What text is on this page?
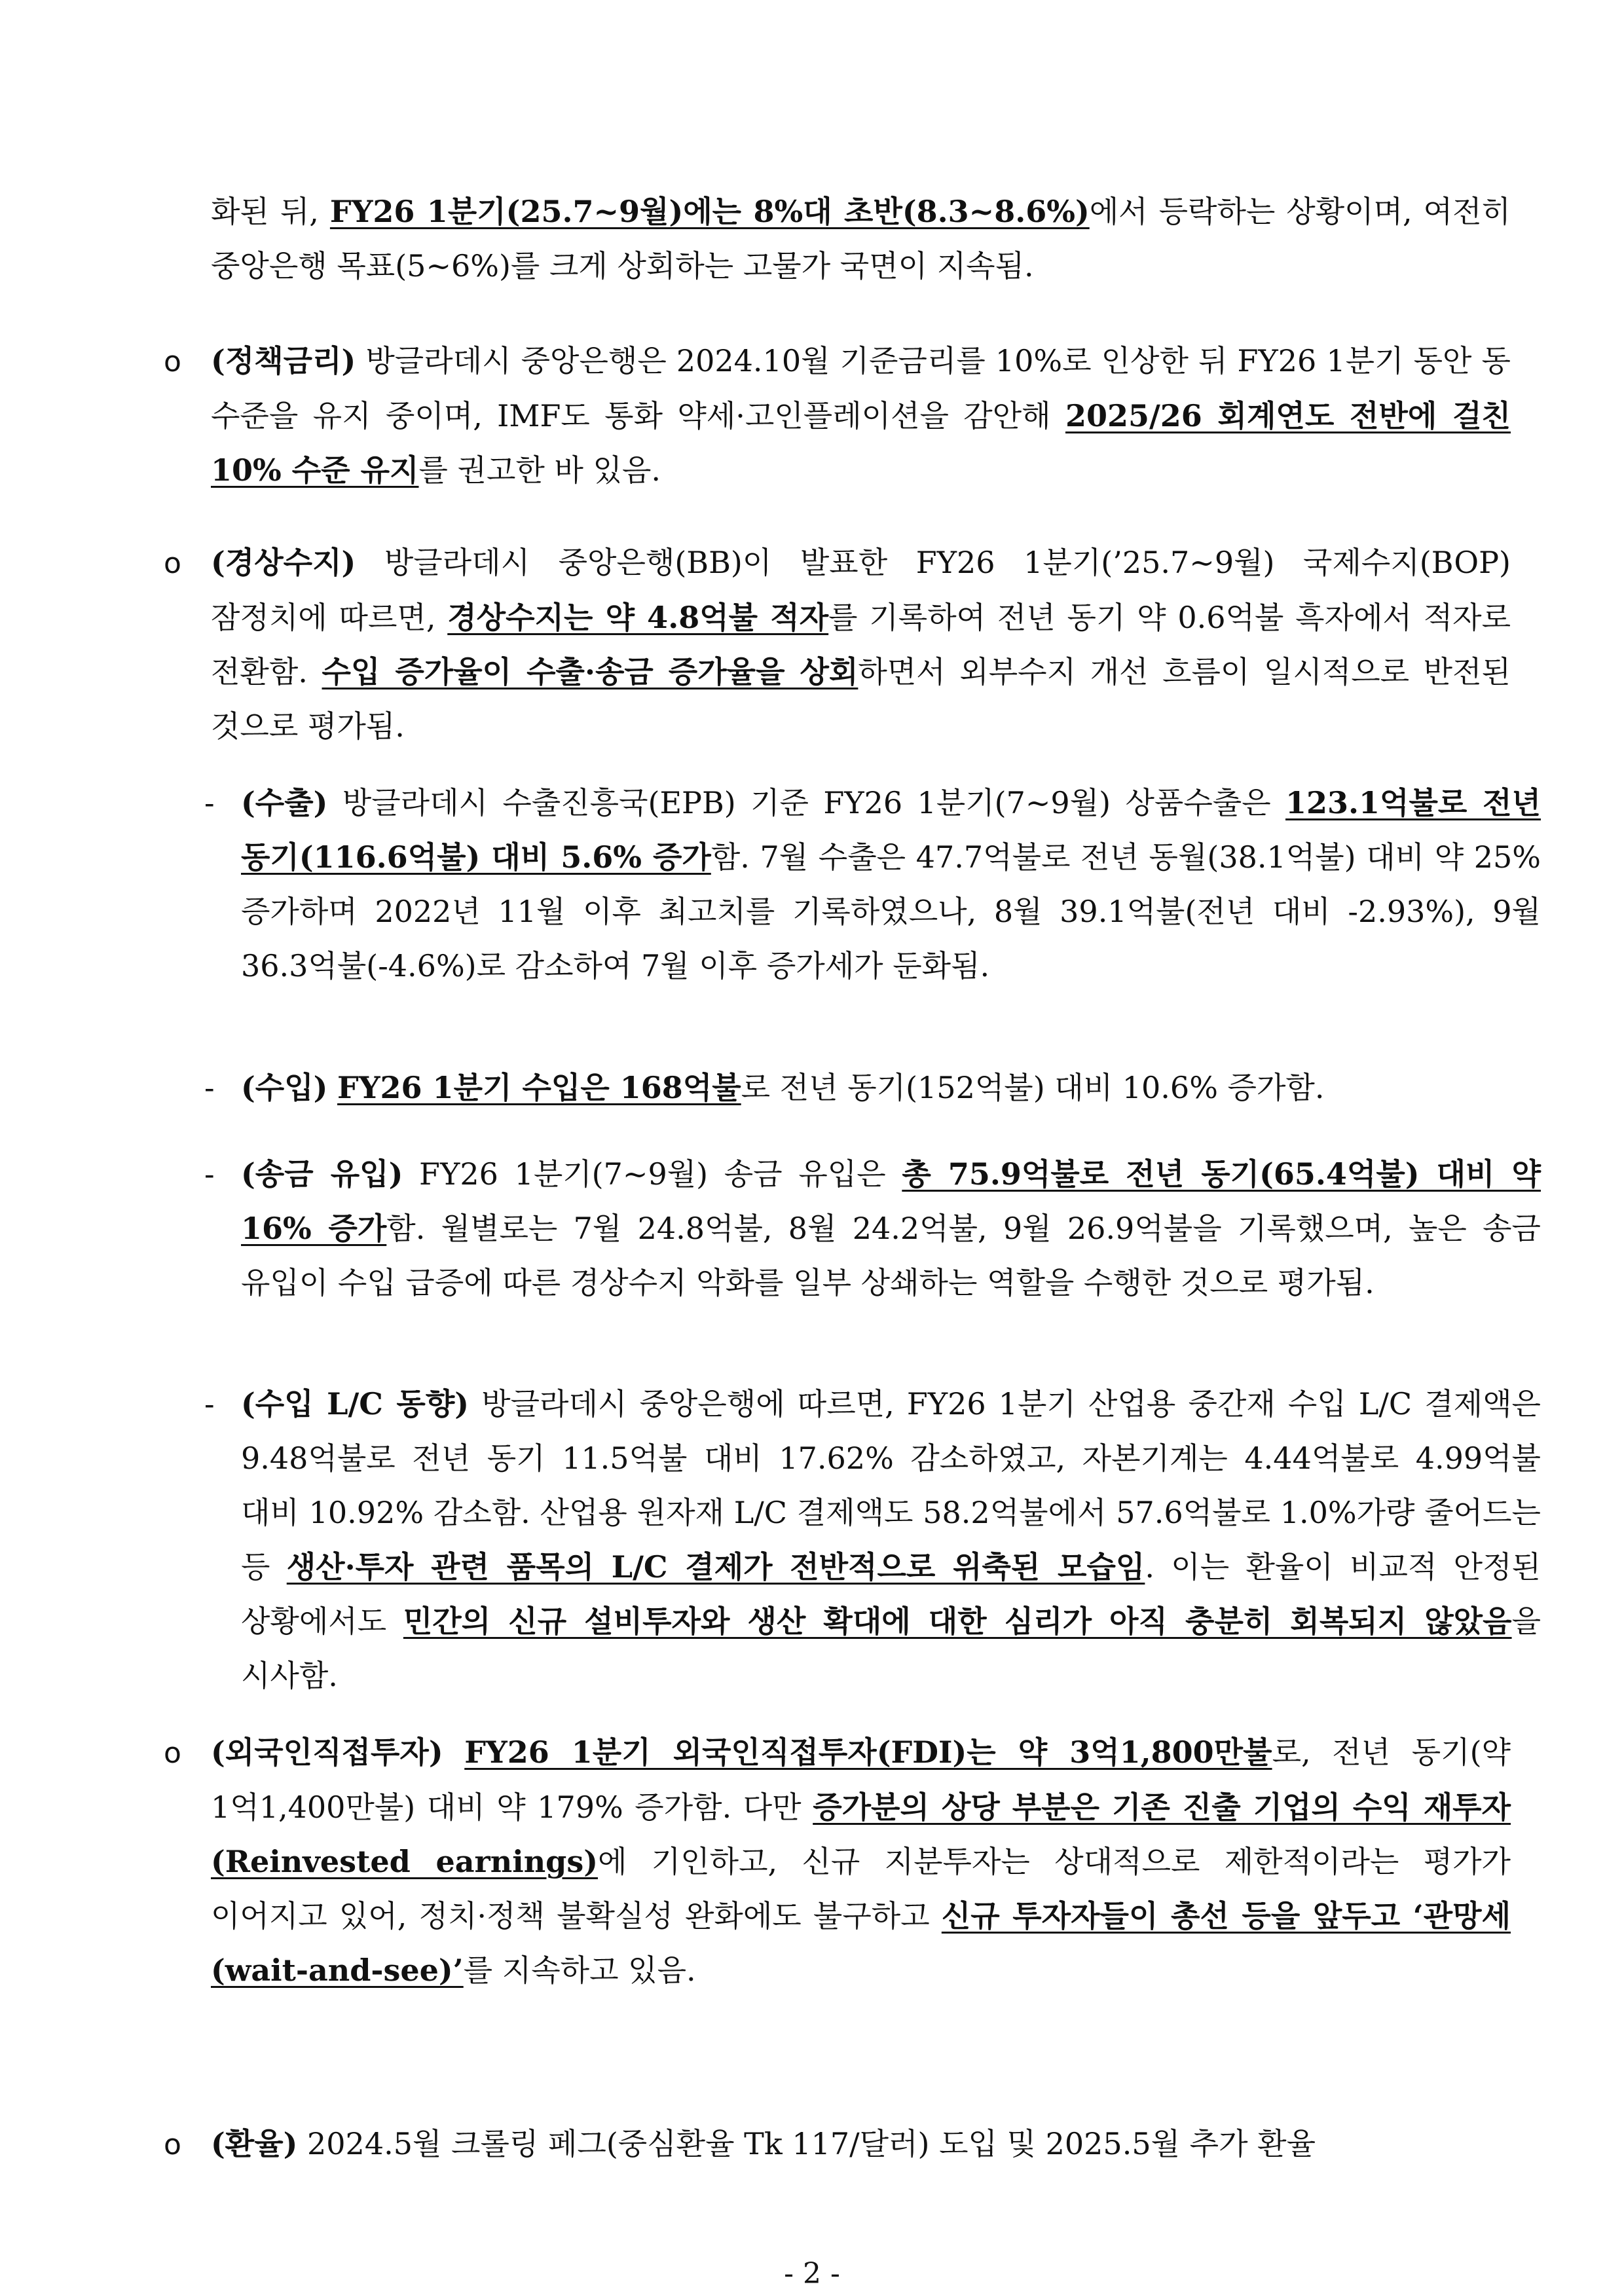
화된 뒤, FY26 1분기(25.7~9월)에는 8%대 초반(8.3~8.6%)에서 등락하는 상황이며, 여전히 중앙은행 목표(5~6%)를 크게 상회하는 고물가 국면이 지속됨.
o (정책금리) 방글라데시 중앙은행은 2024.10월 기준금리를 10%로 인상한 뒤 FY26 1분기 동안 동 수준을 유지 중이며, IMF도 통화 약세·고인플레이션을 감안해 2025/26 회계연도 전반에 걸친 10% 수준 유지를 권고한 바 있음.
o (경상수지) 방글라데시 중앙은행(BB)이 발표한 FY26 1분기(’25.7~9월) 국제수지(BOP) 잠정치에 따르면, 경상수지는 약 4.8억불 적자를 기록하여 전년 동기 약 0.6억불 흑자에서 적자로 전환함. 수입 증가율이 수출·송금 증가율을 상회하면서 외부수지 개선 흐름이 일시적으로 반전된 것으로 평가됨.
- (수출) 방글라데시 수출진흥국(EPB) 기준 FY26 1분기(7~9월) 상품수출은 123.1억불로 전년 동기(116.6억불) 대비 5.6% 증가함. 7월 수출은 47.7억불로 전년 동월(38.1억불) 대비 약 25% 증가하며 2022년 11월 이후 최고치를 기록하였으나, 8월 39.1억불(전년 대비 -2.93%), 9월 36.3억불(-4.6%)로 감소하여 7월 이후 증가세가 둔화됨.
- (수입) FY26 1분기 수입은 168억불로 전년 동기(152억불) 대비 10.6% 증가함.
- (송금 유입) FY26 1분기(7~9월) 송금 유입은 총 75.9억불로 전년 동기(65.4억불) 대비 약 16% 증가함. 월별로는 7월 24.8억불, 8월 24.2억불, 9월 26.9억불을 기록했으며, 높은 송금 유입이 수입 급증에 따른 경상수지 악화를 일부 상쇄하는 역할을 수행한 것으로 평가됨.
- (수입 L/C 동향) 방글라데시 중앙은행에 따르면, FY26 1분기 산업용 중간재 수입 L/C 결제액은 9.48억불로 전년 동기 11.5억불 대비 17.62% 감소하였고, 자본기계는 4.44억불로 4.99억불 대비 10.92% 감소함. 산업용 원자재 L/C 결제액도 58.2억불에서 57.6억불로 1.0%가량 줄어드는 등 생산·투자 관련 품목의 L/C 결제가 전반적으로 위축된 모습임. 이는 환율이 비교적 안정된 상황에서도 민간의 신규 설비투자와 생산 확대에 대한 심리가 아직 충분히 회복되지 않았음을 시사함.
o (외국인직접투자) FY26 1분기 외국인직접투자(FDI)는 약 3억1,800만불로, 전년 동기(약 1억1,400만불) 대비 약 179% 증가함. 다만 증가분의 상당 부분은 기존 진출 기업의 수익 재투자(Reinvested earnings)에 기인하고, 신규 지분투자는 상대적으로 제한적이라는 평가가 이어지고 있어, 정치·정책 불확실성 완화에도 불구하고 신규 투자자들이 총선 등을 앞두고 ‘관망세(wait-and-see)’를 지속하고 있음.
o (환율) 2024.5월 크롤링 페그(중심환율 Tk 117/달러) 도입 및 2025.5월 추가 환율
- 2 -
